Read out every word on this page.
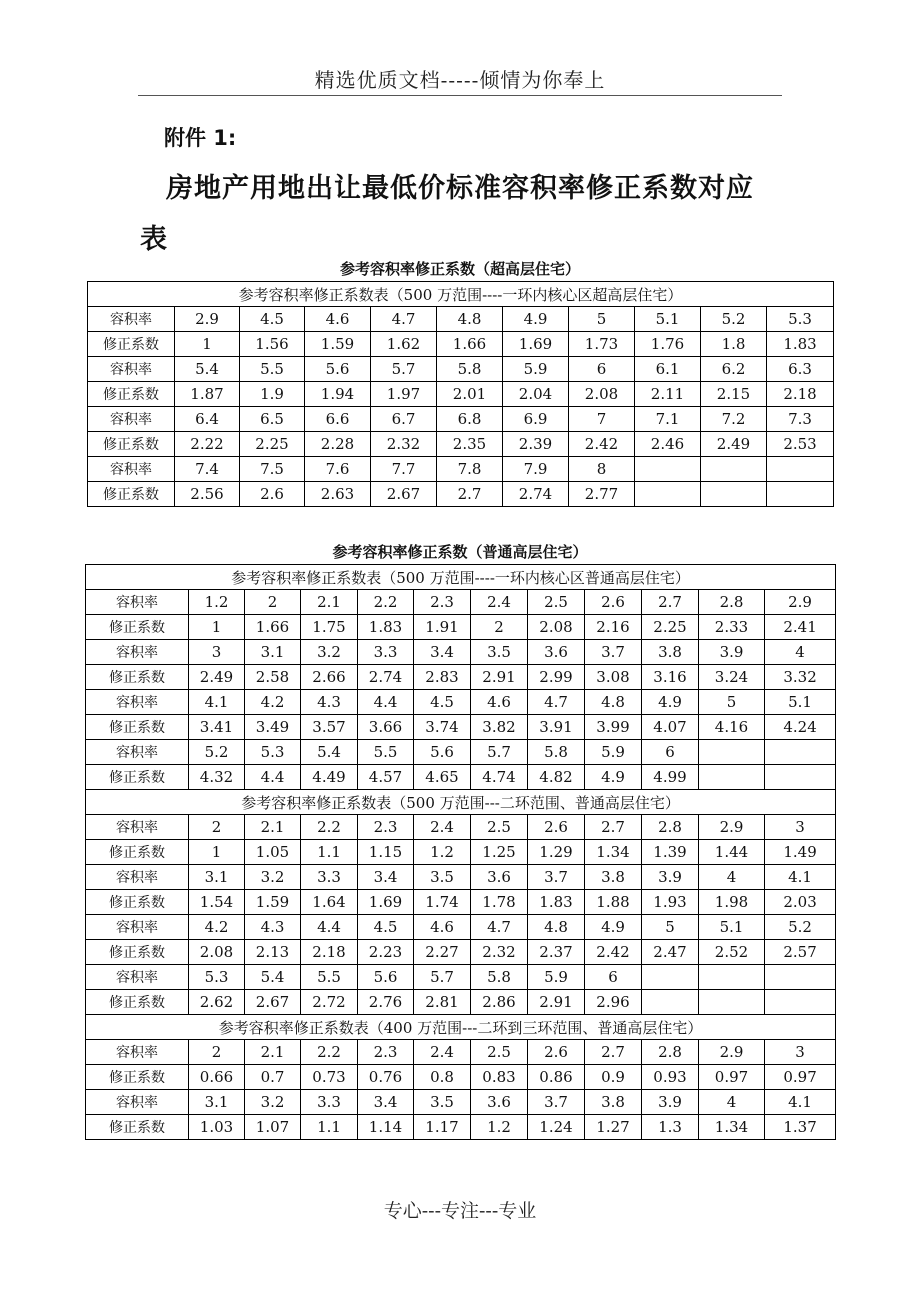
精选优质文档-----倾情为你奉上
附件 1:
房地产用地出让最低价标准容积率修正系数对应
表
参考容积率修正系数（超高层住宅）
参考容积率修正系数表（500 万范围----一环内核心区超高层住宅）										
容积率	2.9	4.5	4.6	4.7	4.8	4.9	5	5.1	5.2	5.3
修正系数	1	1.56	1.59	1.62	1.66	1.69	1.73	1.76	1.8	1.83
容积率	5.4	5.5	5.6	5.7	5.8	5.9	6	6.1	6.2	6.3
修正系数	1.87	1.9	1.94	1.97	2.01	2.04	2.08	2.11	2.15	2.18
容积率	6.4	6.5	6.6	6.7	6.8	6.9	7	7.1	7.2	7.3
修正系数	2.22	2.25	2.28	2.32	2.35	2.39	2.42	2.46	2.49	2.53
容积率	7.4	7.5	7.6	7.7	7.8	7.9	8			
修正系数	2.56	2.6	2.63	2.67	2.7	2.74	2.77			
参考容积率修正系数（普通高层住宅）
参考容积率修正系数表（500 万范围----一环内核心区普通高层住宅）											
容积率	1.2	2	2.1	2.2	2.3	2.4	2.5	2.6	2.7	2.8	2.9
修正系数	1	1.66	1.75	1.83	1.91	2	2.08	2.16	2.25	2.33	2.41
容积率	3	3.1	3.2	3.3	3.4	3.5	3.6	3.7	3.8	3.9	4
修正系数	2.49	2.58	2.66	2.74	2.83	2.91	2.99	3.08	3.16	3.24	3.32
容积率	4.1	4.2	4.3	4.4	4.5	4.6	4.7	4.8	4.9	5	5.1
修正系数	3.41	3.49	3.57	3.66	3.74	3.82	3.91	3.99	4.07	4.16	4.24
容积率	5.2	5.3	5.4	5.5	5.6	5.7	5.8	5.9	6		
修正系数	4.32	4.4	4.49	4.57	4.65	4.74	4.82	4.9	4.99		
参考容积率修正系数表（500 万范围---二环范围、普通高层住宅）											
容积率	2	2.1	2.2	2.3	2.4	2.5	2.6	2.7	2.8	2.9	3
修正系数	1	1.05	1.1	1.15	1.2	1.25	1.29	1.34	1.39	1.44	1.49
容积率	3.1	3.2	3.3	3.4	3.5	3.6	3.7	3.8	3.9	4	4.1
修正系数	1.54	1.59	1.64	1.69	1.74	1.78	1.83	1.88	1.93	1.98	2.03
容积率	4.2	4.3	4.4	4.5	4.6	4.7	4.8	4.9	5	5.1	5.2
修正系数	2.08	2.13	2.18	2.23	2.27	2.32	2.37	2.42	2.47	2.52	2.57
容积率	5.3	5.4	5.5	5.6	5.7	5.8	5.9	6			
修正系数	2.62	2.67	2.72	2.76	2.81	2.86	2.91	2.96			
参考容积率修正系数表（400 万范围---二环到三环范围、普通高层住宅）											
容积率	2	2.1	2.2	2.3	2.4	2.5	2.6	2.7	2.8	2.9	3
修正系数	0.66	0.7	0.73	0.76	0.8	0.83	0.86	0.9	0.93	0.97	0.97
容积率	3.1	3.2	3.3	3.4	3.5	3.6	3.7	3.8	3.9	4	4.1
修正系数	1.03	1.07	1.1	1.14	1.17	1.2	1.24	1.27	1.3	1.34	1.37
专心---专注---专业
